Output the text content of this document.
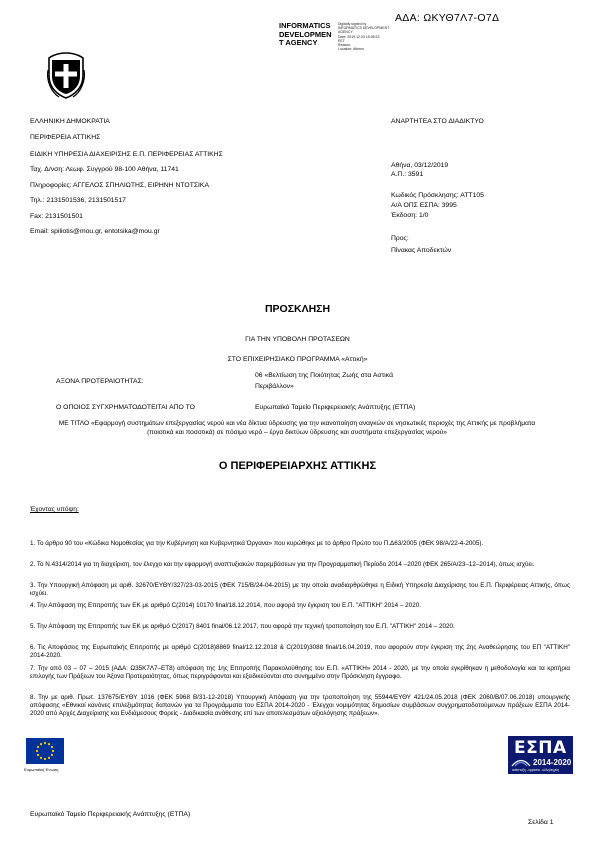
ΑΔΑ: ΩΚΥΘ7Λ7-Ο7Δ
INFORMATICS
DEVELOPMEN
T AGENCY
Digitally signed by
INFORMATICS DEVELOPMENT
AGENCY
Date: 2019.12.03 15:08:23
EET
Reason:
Location: Athens
ΕΛΛΗΝΙΚΗ ΔΗΜΟΚΡΑΤΙΑ
ΠΕΡΙΦΕΡΕΙΑ ΑΤΤΙΚΗΣ
ΕΙΔΙΚΗ ΥΠΗΡΕΣΙΑ ΔΙΑΧΕΙΡΙΣΗΣ Ε.Π. ΠΕΡΙΦΕΡΕΙΑΣ ΑΤΤΙΚΗΣ
Ταχ. Δ/νση: Λεωφ. Συγγρού 98-100 Αθήνα, 11741
Πληροφορίες: ΑΓΓΕΛΟΣ ΣΠΗΛΙΩΤΗΣ, ΕΙΡΗΝΗ ΝΤΟΤΣΙΚΑ
Τηλ.: 2131501536, 2131501517
Fax: 2131501501
Email: spiliotis@mou.gr, entotsika@mou.gr
ΑΝΑΡΤΗΤΕΑ ΣΤΟ ΔΙΑΔΙΚΤΥΟ
Αθήνα, 03/12/2019
Α.Π.: 3591
Κωδικός Πρόσκλησης: ΑΤΤ105
Α/Α ΟΠΣ ΕΣΠΑ: 3995
Έκδοση: 1/0
Προς:
Πίνακας Αποδεκτών
ΠΡΟΣΚΛΗΣΗ
ΓΙΑ ΤΗΝ ΥΠΟΒΟΛΗ ΠΡΟΤΑΣΕΩΝ
ΣΤΟ ΕΠΙΧΕΙΡΗΣΙΑΚΟ ΠΡΟΓΡΑΜΜΑ «Αττική»
ΑΞΟΝΑ ΠΡΟΤΕΡΑΙΟΤΗΤΑΣ:
06 «Βελτίωση της Ποιότητας Ζωής στα Αστικά
Περιβάλλον»
Ο ΟΠΟΙΟΣ ΣΥΓΧΡΗΜΑΤΟΔΟΤΕΙΤΑΙ ΑΠΟ ΤΟ	Ευρωπαϊκό Ταμείο Περιφερειακής Ανάπτυξης (ΕΤΠΑ)
ΜΕ ΤΙΤΛΟ «Εφαρμογή συστημάτων επεξεργασίας νερού και νέα δίκτυα ύδρευσης για την ικανοποίηση αναγκών σε νησιωτικές περιοχές της Αττικής με προβλήματα (ποιοτικά και ποσοτικά) σε πόσιμο νερό – έργα δικτύων ύδρευσης και συστήματα επεξεργασίας νερού»
Ο ΠΕΡΙΦΕΡΕΙΑΡΧΗΣ ΑΤΤΙΚΗΣ
Έχοντας υπόψη:
1. Το άρθρο 90 του «Κώδικα Νομοθεσίας για την Κυβέρνηση και Κυβερνητικά Όργανα» που κυρώθηκε με το άρθρο Πρώτο του Π.Δ63/2005 (ΦΕΚ 98/Α/22-4-2005).
2. Το Ν.4314/2014 για τη διαχείριση, τον έλεγχο και την εφαρμογή αναπτυξιακών παρεμβάσεων για την Προγραμματική Περίοδο 2014 –2020 (ΦΕΚ 265/Α/23–12–2014), όπως ισχύει.
3. Την Υπουργική Απόφαση με αριθ. 32670/ΕΥΘΥ/327/23-03-2015 (ΦΕΚ 715/Β/24-04-2015) με την οποία αναδιαρθρώθηκε η Ειδική Υπηρεσία Διαχείρισης του Ε.Π. Περιφέρειας Αττικής, όπως ισχύει.
4. Την Απόφαση της Επιτροπής των ΕΚ με αριθμό C(2014) 10170 final/18.12.2014, που αφορά την έγκριση του Ε.Π. "ΑΤΤΙΚΗ" 2014 – 2020.
5. Την Απόφαση της Επιτροπής των ΕΚ με αριθμό C(2017) 8401 final/06.12.2017, που αφορά την τεχνική τροποποίηση του Ε.Π. "ΑΤΤΙΚΗ" 2014 – 2020.
6. Τις Αποφάσεις της Ευρωπαϊκής Επιτροπής με αριθμό C(2018)8869 final/12.12.2018 & C(2019)3088 final/16.04.2019, που αφορούν στην έγκριση της 2ης Αναθεώρησης του ΕΠ "ΑΤΤΙΚΗ" 2014-2020.
7. Την από 03 – 07 – 2015 (ΑΔΑ: Ω35Κ7Λ7–ΕΤ8) απόφαση της 1ης Επιτροπής Παρακολούθησης του Ε.Π. «ΑΤΤΙΚΗ» 2014 - 2020, με την οποία εγκρίθηκαν η μεθοδολογία και τα κριτήρια επιλογής των Πράξεων του Άξονα Προτεραιότητας, όπως περιγράφονται και εξειδικεύονται στο συνημμένο στην Πρόσκληση έγγραφο.
8. Την με αριθ. Πρωτ. 137675/ΕΥΘΥ 1016 (ΦΕΚ 5968 Β/31-12-2018) Υπουργική Απόφαση για την τροποποίηση της 55944/ΕΥΘΥ 421/24.05.2018 (ΦΕΚ 2060/Β/07.06.2018) υπουργικής απόφασης «Εθνικοί κανόνες επιλεξιμότητας δαπανών για τα Προγράμματα του ΕΣΠΑ 2014-2020 - Έλεγχοι νομιμότητας δημοσίων συμβάσεων συγχρηματοδοτούμενων πράξεων ΕΣΠΑ 2014-2020 από Αρχές Διαχείρισης και Ενδιάμεσους Φορείς - Διαδικασία ανάθεσης επί των αποτελεσμάτων αξιολόγησης πράξεων».
Ευρωπαϊκή Ένωση
ΕΣΠΑ
2014-2020
ανάπτυξη - εργασία - αλληλεγγύη
Ευρωπαϊκό Ταμείο Περιφερειακής Ανάπτυξης (ΕΤΠΑ)
Σελίδα 1
